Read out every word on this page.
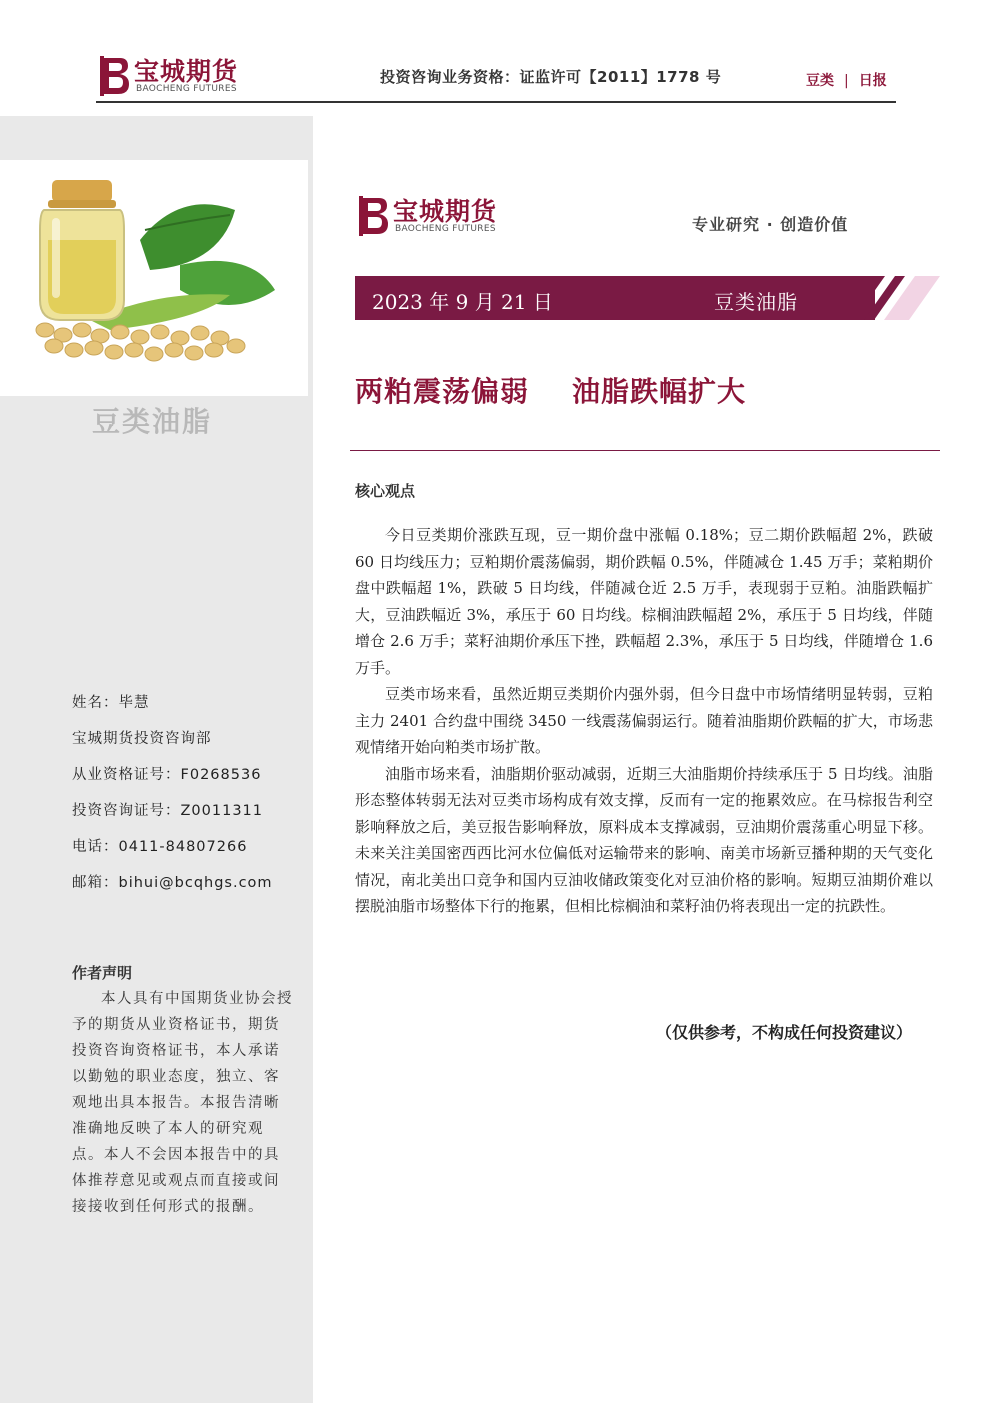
宝城期货
BAOCHENG FUTURES
投资咨询业务资格：证监许可【2011】1778 号	豆类 | 日报
豆类油脂
姓名：毕慧
宝城期货投资咨询部
从业资格证号：F0268536
投资咨询证号：Z0011311
电话：0411-84807266
邮箱：bihui@bcqhgs.com
作者声明
本人具有中国期货业协会授予的期货从业资格证书，期货投资咨询资格证书，本人承诺以勤勉的职业态度，独立、客观地出具本报告。本报告清晰准确地反映了本人的研究观点。本人不会因本报告中的具体推荐意见或观点而直接或间接接收到任何形式的报酬。
宝城期货
BAOCHENG FUTURES	专业研究 · 创造价值
2023 年 9 月 21 日	豆类油脂
两粕震荡偏弱    油脂跌幅扩大
核心观点

今日豆类期价涨跌互现，豆一期价盘中涨幅 0.18%；豆二期价跌幅超 2%，跌破 60 日均线压力；豆粕期价震荡偏弱，期价跌幅 0.5%，伴随减仓 1.45 万手；菜粕期价盘中跌幅超 1%，跌破 5 日均线，伴随减仓近 2.5 万手，表现弱于豆粕。油脂跌幅扩大，豆油跌幅近 3%，承压于 60 日均线。棕榈油跌幅超 2%，承压于 5 日均线，伴随增仓 2.6 万手；菜籽油期价承压下挫，跌幅超 2.3%，承压于 5 日均线，伴随增仓 1.6 万手。

豆类市场来看，虽然近期豆类期价内强外弱，但今日盘中市场情绪明显转弱，豆粕主力 2401 合约盘中围绕 3450 一线震荡偏弱运行。随着油脂期价跌幅的扩大，市场悲观情绪开始向粕类市场扩散。

油脂市场来看，油脂期价驱动减弱，近期三大油脂期价持续承压于 5 日均线。油脂形态整体转弱无法对豆类市场构成有效支撑，反而有一定的拖累效应。在马棕报告利空影响释放之后，美豆报告影响释放，原料成本支撑减弱，豆油期价震荡重心明显下移。未来关注美国密西西比河水位偏低对运输带来的影响、南美市场新豆播种期的天气变化情况，南北美出口竞争和国内豆油收储政策变化对豆油价格的影响。短期豆油期价难以摆脱油脂市场整体下行的拖累，但相比棕榈油和菜籽油仍将表现出一定的抗跌性。

（仅供参考，不构成任何投资建议）
